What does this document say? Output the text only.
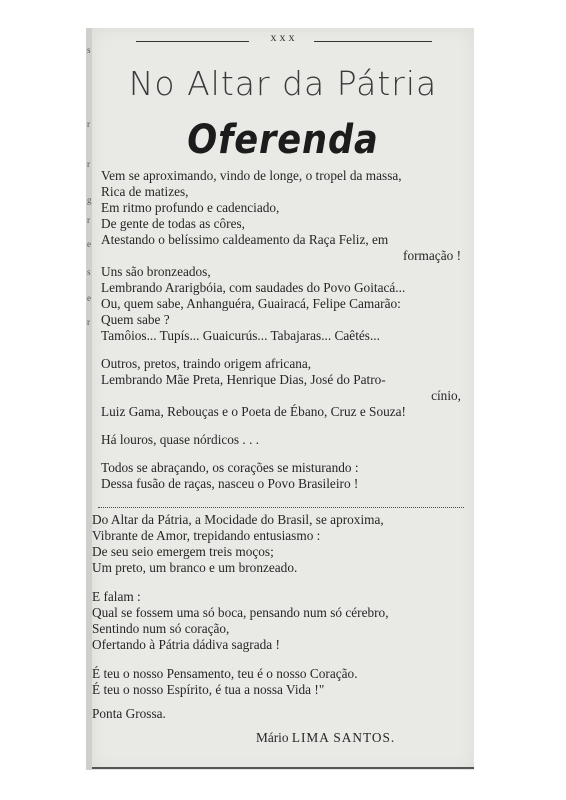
s
r
r
g
r
e
s
e
r
xxx
No Altar da Pátria
Oferenda
Vem se aproximando, vindo de longe, o tropel da massa,
Rica de matizes,
Em ritmo profundo e cadenciado,
De gente de todas as côres,
Atestando o belíssimo caldeamento da Raça Feliz, em
formação !
Uns são bronzeados,
Lembrando Ararigbóia, com saudades do Povo Goitacá...
Ou, quem sabe, Anhanguéra, Guairacá, Felipe Camarão:
Quem sabe ?
Tamôios... Tupís... Guaicurús... Tabajaras... Caêtés...
Outros, pretos, traindo origem africana,
Lembrando Mãe Preta, Henrique Dias, José do Patro-
cínio,
Luiz Gama, Rebouças e o Poeta de Ébano, Cruz e Souza!
Há louros, quase nórdicos . . .
Todos se abraçando, os corações se misturando :
Dessa fusão de raças, nasceu o Povo Brasileiro !
Do Altar da Pátria, a Mocidade do Brasil, se aproxima,
Vibrante de Amor, trepidando entusiasmo :
De seu seio emergem treis moços;
Um preto, um branco e um bronzeado.
E falam :
Qual se fossem uma só boca, pensando num só cérebro,
Sentindo num só coração,
Ofertando à Pátria dádiva sagrada !
É teu o nosso Pensamento, teu é o nosso Coração.
É teu o nosso Espírito, é tua a nossa Vida !"
Ponta Grossa.
Mário LIMA SANTOS.
